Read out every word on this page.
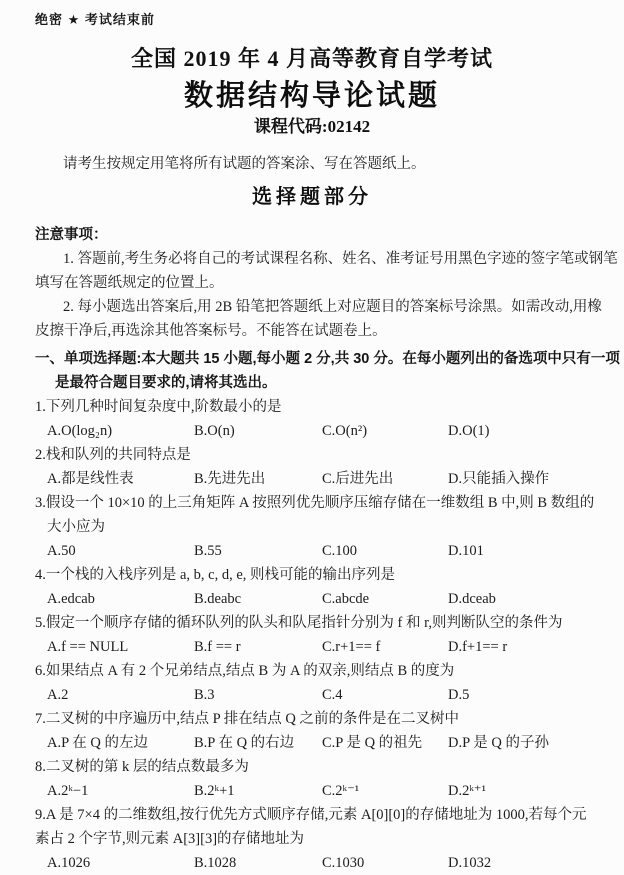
绝密 ★ 考试结束前
全国 2019 年 4 月高等教育自学考试
数据结构导论试题
课程代码:02142
请考生按规定用笔将所有试题的答案涂、写在答题纸上。
选择题部分
注意事项：
1. 答题前,考生务必将自己的考试课程名称、姓名、准考证号用黑色字迹的签字笔或钢笔
填写在答题纸规定的位置上。
2. 每小题选出答案后,用 2B 铅笔把答题纸上对应题目的答案标号涂黑。如需改动,用橡
皮擦干净后,再选涂其他答案标号。不能答在试题卷上。
一、单项选择题:本大题共 15 小题,每小题 2 分,共 30 分。在每小题列出的备选项中只有一项
是最符合题目要求的,请将其选出。
1.下列几种时间复杂度中,阶数最小的是
A.O(log₂n)	B.O(n)	C.O(n²)	D.O(1)
2.栈和队列的共同特点是
A.都是线性表	B.先进先出	C.后进先出	D.只能插入操作
3.假设一个 10×10 的上三角矩阵 A 按照列优先顺序压缩存储在一维数组 B 中,则 B 数组的
大小应为
A.50	B.55	C.100	D.101
4.一个栈的入栈序列是 a, b, c, d, e, 则栈可能的输出序列是
A.edcab	B.deabc	C.abcde	D.dceab
5.假定一个顺序存储的循环队列的队头和队尾指针分别为 f 和 r,则判断队空的条件为
A.f == NULL	B.f == r	C.r+1== f	D.f+1== r
6.如果结点 A 有 2 个兄弟结点,结点 B 为 A 的双亲,则结点 B 的度为
A.2	B.3	C.4	D.5
7.二叉树的中序遍历中,结点 P 排在结点 Q 之前的条件是在二叉树中
A.P 在 Q 的左边	B.P 在 Q 的右边	C.P 是 Q 的祖先	D.P 是 Q 的子孙
8.二叉树的第 k 层的结点数最多为
A.2ᵏ−1	B.2ᵏ+1	C.2ᵏ⁻¹	D.2ᵏ⁺¹
9.A 是 7×4 的二维数组,按行优先方式顺序存储,元素 A[0][0]的存储地址为 1000,若每个元
素占 2 个字节,则元素 A[3][3]的存储地址为
A.1026	B.1028	C.1030	D.1032
